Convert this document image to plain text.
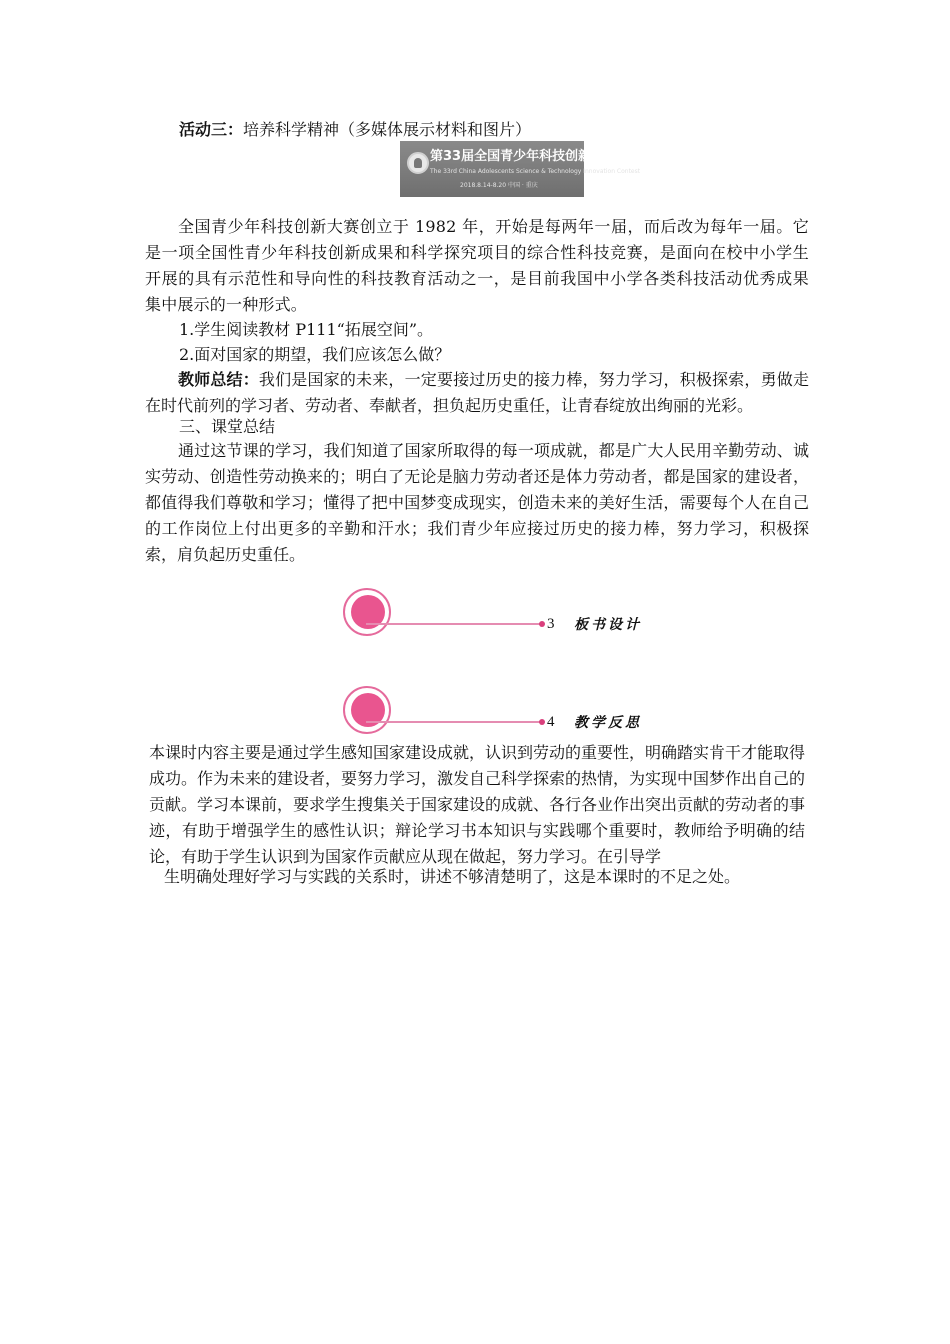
活动三：培养科学精神（多媒体展示材料和图片）
第33届全国青少年科技创新大赛
The 33rd China Adolescents Science & Technology Innovation Contest
2018.8.14-8.20 中国 · 重庆
全国青少年科技创新大赛创立于 1982 年，开始是每两年一届，而后改为每年一届。它是一项全国性青少年科技创新成果和科学探究项目的综合性科技竞赛，是面向在校中小学生开展的具有示范性和导向性的科技教育活动之一，是目前我国中小学各类科技活动优秀成果集中展示的一种形式。
1.学生阅读教材 P111“拓展空间”。
2.面对国家的期望，我们应该怎么做？
教师总结：我们是国家的未来，一定要接过历史的接力棒，努力学习，积极探索，勇做走在时代前列的学习者、劳动者、奉献者，担负起历史重任，让青春绽放出绚丽的光彩。
三、课堂总结
通过这节课的学习，我们知道了国家所取得的每一项成就，都是广大人民用辛勤劳动、诚实劳动、创造性劳动换来的；明白了无论是脑力劳动者还是体力劳动者，都是国家的建设者，都值得我们尊敬和学习；懂得了把中国梦变成现实，创造未来的美好生活，需要每个人在自己的工作岗位上付出更多的辛勤和汗水；我们青少年应接过历史的接力棒，努力学习，积极探索，肩负起历史重任。
3 板书设计
4 教学反思
本课时内容主要是通过学生感知国家建设成就，认识到劳动的重要性，明确踏实肯干才能取得成功。作为未来的建设者，要努力学习，激发自己科学探索的热情，为实现中国梦作出自己的贡献。学习本课前，要求学生搜集关于国家建设的成就、各行各业作出突出贡献的劳动者的事迹，有助于增强学生的感性认识；辩论学习书本知识与实践哪个重要时，教师给予明确的结论，有助于学生认识到为国家作贡献应从现在做起，努力学习。在引导学
生明确处理好学习与实践的关系时，讲述不够清楚明了，这是本课时的不足之处。
